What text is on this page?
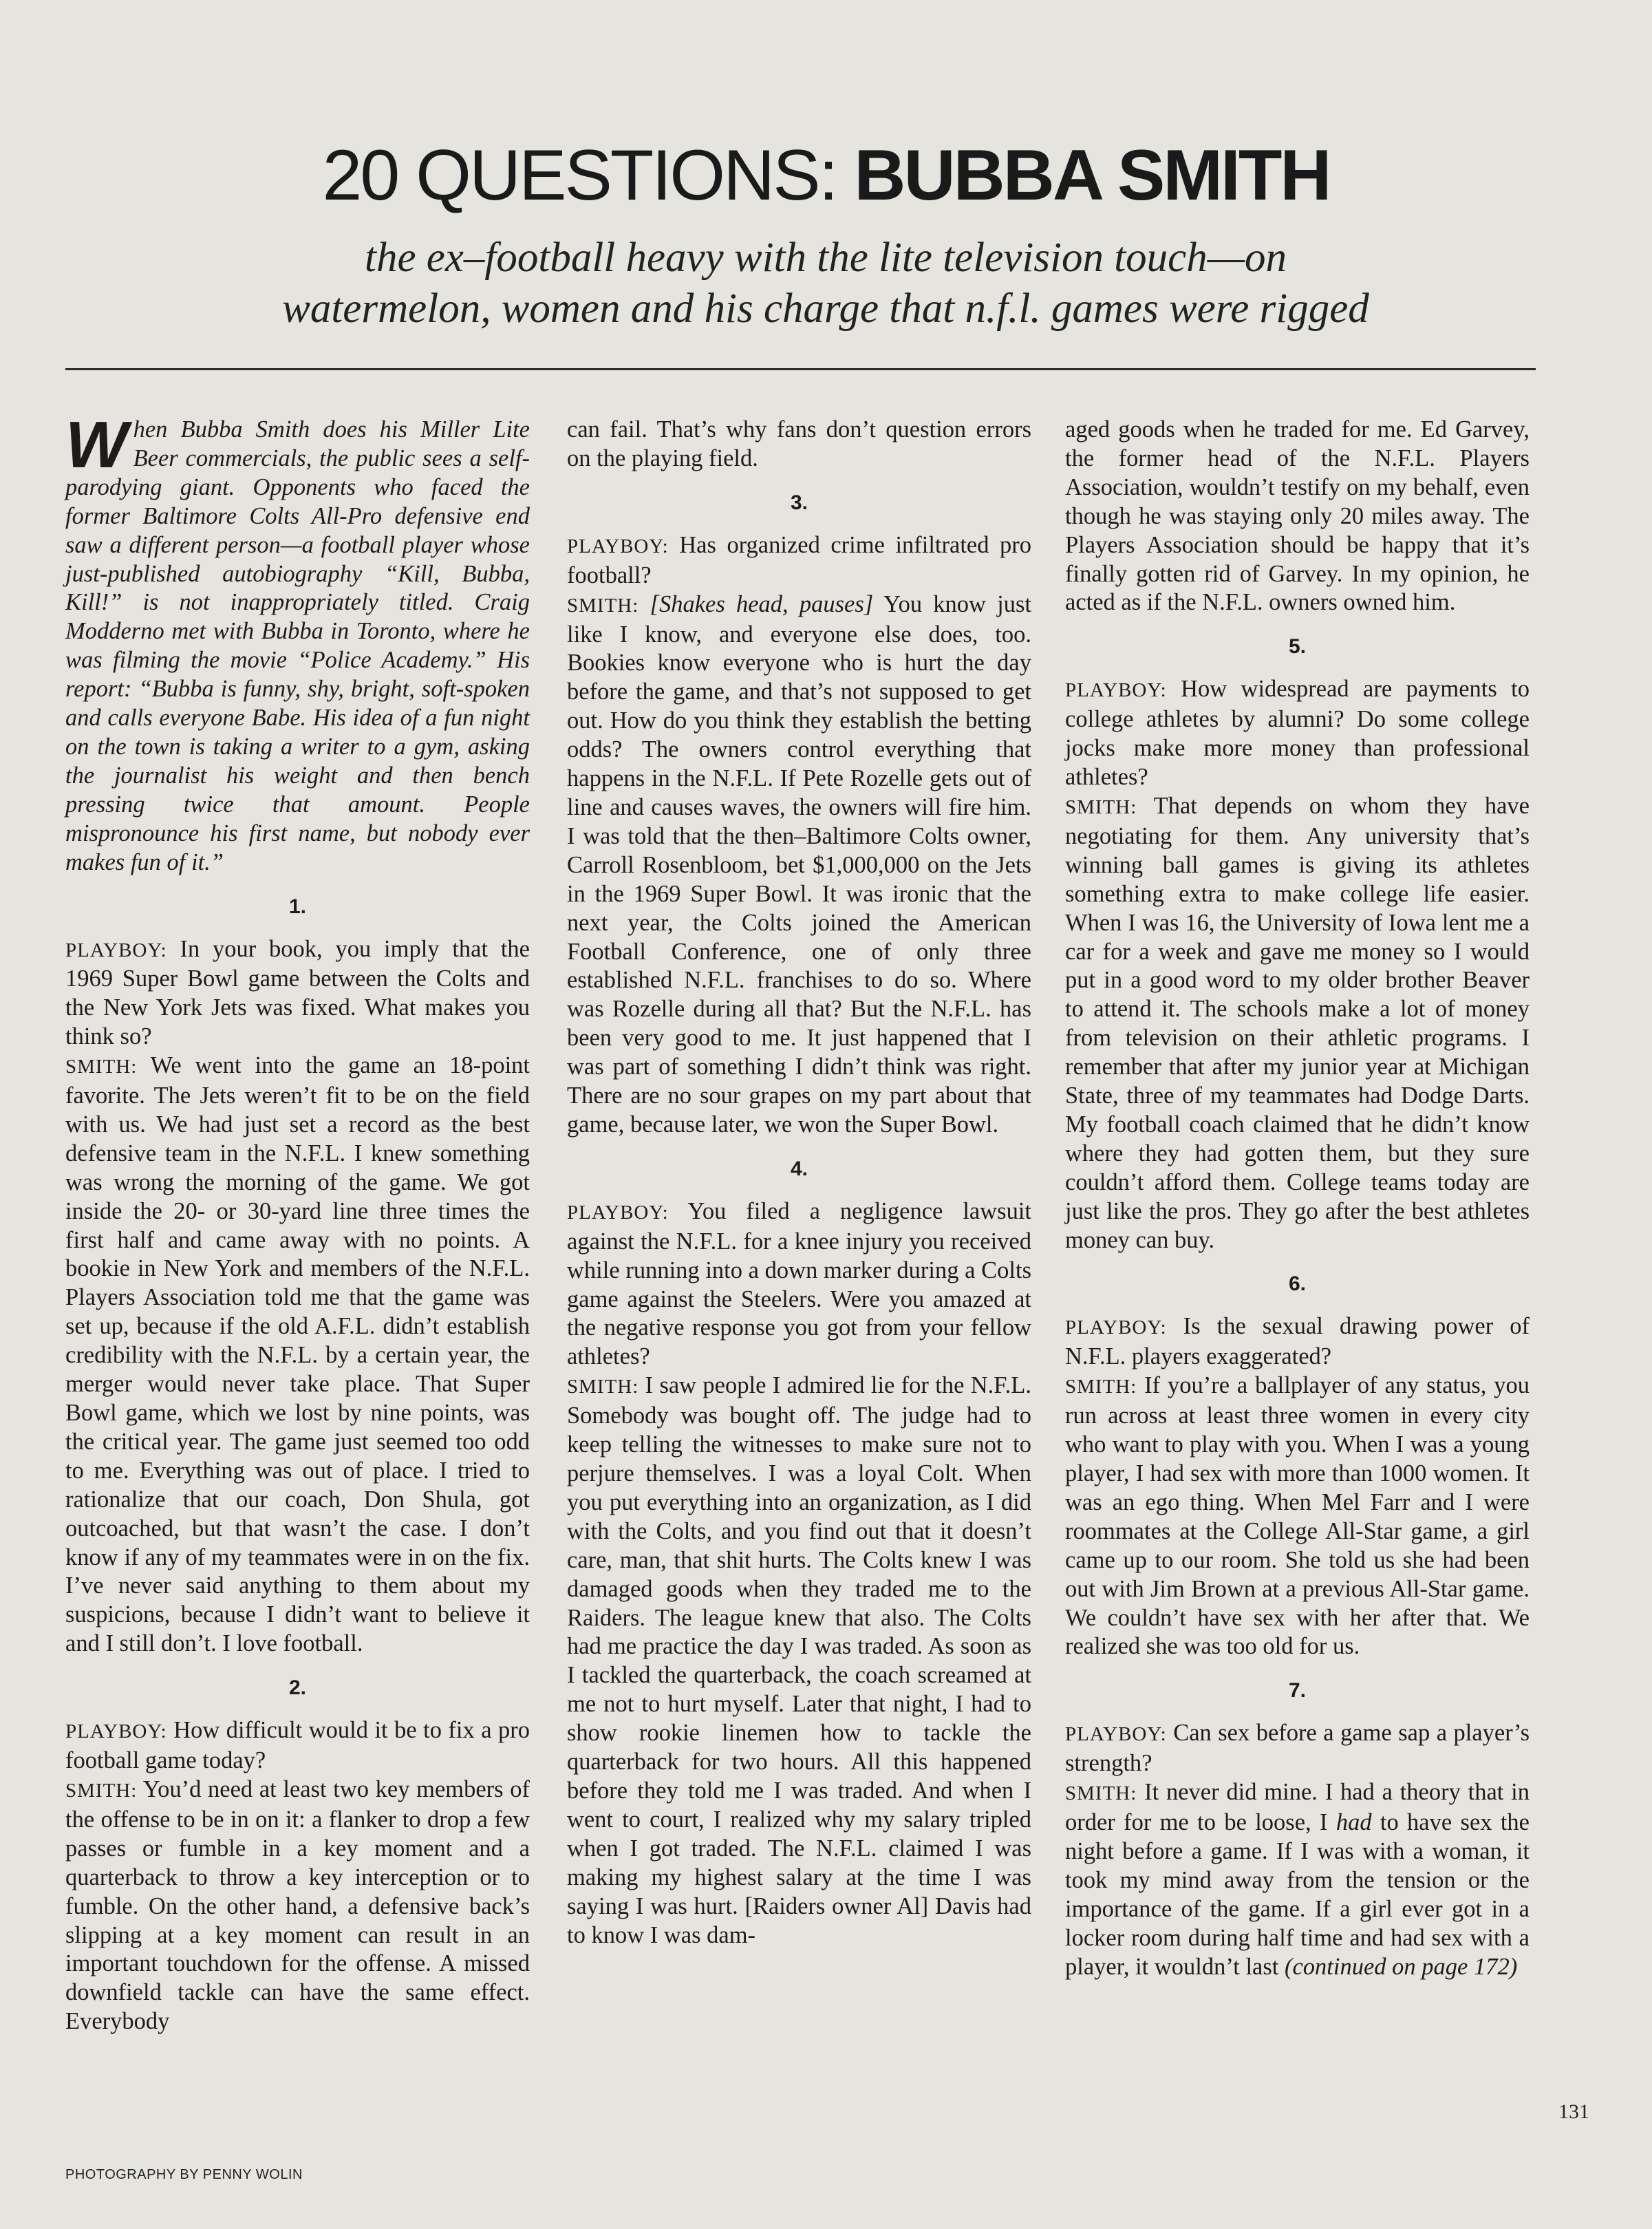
20 QUESTIONS: BUBBA SMITH
the ex–football heavy with the lite television touch—on
watermelon, women and his charge that n.f.l. games were rigged

When Bubba Smith does his Miller Lite Beer commercials, the public sees a self-parodying giant. Opponents who faced the former Baltimore Colts All-Pro defensive end saw a different person—a football player whose just-published autobiography “Kill, Bubba, Kill!” is not inappropriately titled. Craig Modderno met with Bubba in Toronto, where he was filming the movie “Police Academy.” His report: “Bubba is funny, shy, bright, soft-spoken and calls everyone Babe. His idea of a fun night on the town is taking a writer to a gym, asking the journalist his weight and then bench pressing twice that amount. People mispronounce his first name, but nobody ever makes fun of it.”

1.

PLAYBOY: In your book, you imply that the 1969 Super Bowl game between the Colts and the New York Jets was fixed. What makes you think so?

SMITH: We went into the game an 18-point favorite. The Jets weren’t fit to be on the field with us. We had just set a record as the best defensive team in the N.F.L. I knew something was wrong the morning of the game. We got inside the 20- or 30-yard line three times the first half and came away with no points. A bookie in New York and members of the N.F.L. Players Association told me that the game was set up, because if the old A.F.L. didn’t establish credibility with the N.F.L. by a certain year, the merger would never take place. That Super Bowl game, which we lost by nine points, was the critical year. The game just seemed too odd to me. Everything was out of place. I tried to rationalize that our coach, Don Shula, got outcoached, but that wasn’t the case. I don’t know if any of my teammates were in on the fix. I’ve never said anything to them about my suspicions, because I didn’t want to believe it and I still don’t. I love football.

2.

PLAYBOY: How difficult would it be to fix a pro football game today?

SMITH: You’d need at least two key members of the offense to be in on it: a flanker to drop a few passes or fumble in a key moment and a quarterback to throw a key interception or to fumble. On the other hand, a defensive back’s slipping at a key moment can result in an important touchdown for the offense. A missed downfield tackle can have the same effect. Everybody

can fail. That’s why fans don’t question errors on the playing field.

3.

PLAYBOY: Has organized crime infiltrated pro football?

SMITH: [Shakes head, pauses] You know just like I know, and everyone else does, too. Bookies know everyone who is hurt the day before the game, and that’s not supposed to get out. How do you think they establish the betting odds? The owners control everything that happens in the N.F.L. If Pete Rozelle gets out of line and causes waves, the owners will fire him. I was told that the then–Baltimore Colts owner, Carroll Rosenbloom, bet $1,000,000 on the Jets in the 1969 Super Bowl. It was ironic that the next year, the Colts joined the American Football Conference, one of only three established N.F.L. franchises to do so. Where was Rozelle during all that? But the N.F.L. has been very good to me. It just happened that I was part of something I didn’t think was right. There are no sour grapes on my part about that game, because later, we won the Super Bowl.

4.

PLAYBOY: You filed a negligence lawsuit against the N.F.L. for a knee injury you received while running into a down marker during a Colts game against the Steelers. Were you amazed at the negative response you got from your fellow athletes?

SMITH: I saw people I admired lie for the N.F.L. Somebody was bought off. The judge had to keep telling the witnesses to make sure not to perjure themselves. I was a loyal Colt. When you put everything into an organization, as I did with the Colts, and you find out that it doesn’t care, man, that shit hurts. The Colts knew I was damaged goods when they traded me to the Raiders. The league knew that also. The Colts had me practice the day I was traded. As soon as I tackled the quarterback, the coach screamed at me not to hurt myself. Later that night, I had to show rookie linemen how to tackle the quarterback for two hours. All this happened before they told me I was traded. And when I went to court, I realized why my salary tripled when I got traded. The N.F.L. claimed I was making my highest salary at the time I was saying I was hurt. [Raiders owner Al] Davis had to know I was dam-

aged goods when he traded for me. Ed Garvey, the former head of the N.F.L. Players Association, wouldn’t testify on my behalf, even though he was staying only 20 miles away. The Players Association should be happy that it’s finally gotten rid of Garvey. In my opinion, he acted as if the N.F.L. owners owned him.

5.

PLAYBOY: How widespread are payments to college athletes by alumni? Do some college jocks make more money than professional athletes?

SMITH: That depends on whom they have negotiating for them. Any university that’s winning ball games is giving its athletes something extra to make college life easier. When I was 16, the University of Iowa lent me a car for a week and gave me money so I would put in a good word to my older brother Beaver to attend it. The schools make a lot of money from television on their athletic programs. I remember that after my junior year at Michigan State, three of my teammates had Dodge Darts. My football coach claimed that he didn’t know where they had gotten them, but they sure couldn’t afford them. College teams today are just like the pros. They go after the best athletes money can buy.

6.

PLAYBOY: Is the sexual drawing power of N.F.L. players exaggerated?

SMITH: If you’re a ballplayer of any status, you run across at least three women in every city who want to play with you. When I was a young player, I had sex with more than 1000 women. It was an ego thing. When Mel Farr and I were roommates at the College All-Star game, a girl came up to our room. She told us she had been out with Jim Brown at a previous All-Star game. We couldn’t have sex with her after that. We realized she was too old for us.

7.

PLAYBOY: Can sex before a game sap a player’s strength?

SMITH: It never did mine. I had a theory that in order for me to be loose, I had to have sex the night before a game. If I was with a woman, it took my mind away from the tension or the importance of the game. If a girl ever got in a locker room during half time and had sex with a player, it wouldn’t last (continued on page 172)

131
PHOTOGRAPHY BY PENNY WOLIN
